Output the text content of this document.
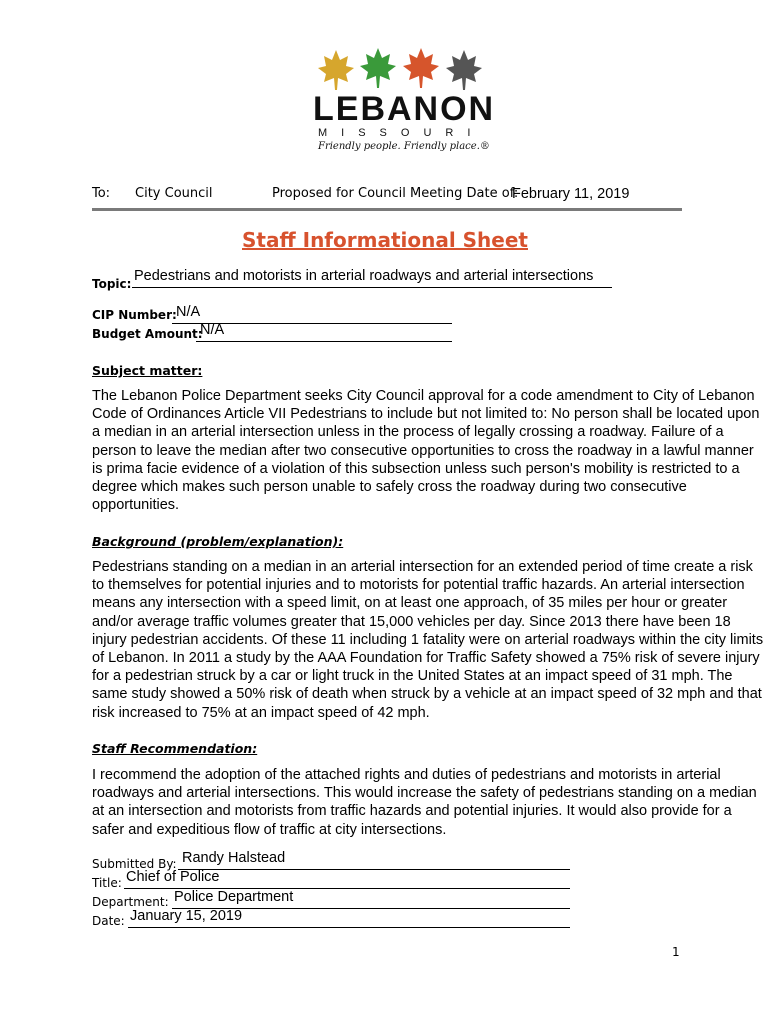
LEBANON
MISSOURI
Friendly people. Friendly place.®
To: City Council	Proposed for Council Meeting Date of:
February 11, 2019
Staff Informational Sheet
Topic: Pedestrians and motorists in arterial roadways and arterial intersections
CIP Number: N/A
Budget Amount:
N/A
Subject matter:
The Lebanon Police Department seeks City Council approval for a code amendment to City of Lebanon Code of Ordinances Article VII Pedestrians to include but not limited to: No person shall be located upon a median in an arterial intersection unless in the process of legally crossing a roadway. Failure of a person to leave the median after two consecutive opportunities to cross the roadway in a lawful manner is prima facie evidence of a violation of this subsection unless such person's mobility is restricted to a degree which makes such person unable to safely cross the roadway during two consecutive opportunities.
Background (problem/explanation):
Pedestrians standing on a median in an arterial intersection for an extended period of time create a risk to themselves for potential injuries and to motorists for potential traffic hazards. An arterial intersection means any intersection with a speed limit, on at least one approach, of 35 miles per hour or greater and/or average traffic volumes greater that 15,000 vehicles per day. Since 2013 there have been 18 injury pedestrian accidents. Of these 11 including 1 fatality were on arterial roadways within the city limits of Lebanon. In 2011 a study by the AAA Foundation for Traffic Safety showed a 75% risk of severe injury for a pedestrian struck by a car or light truck in the United States at an impact speed of 31 mph. The same study showed a 50% risk of death when struck by a vehicle at an impact speed of 32 mph and that risk increased to 75% at an impact speed of 42 mph.
Staff Recommendation:
I recommend the adoption of the attached rights and duties of pedestrians and motorists in arterial roadways and arterial intersections. This would increase the safety of pedestrians standing on a median at an intersection and motorists from traffic hazards and potential injuries. It would also provide for a safer and expeditious flow of traffic at city intersections.
Submitted By: Randy Halstead
Title: Chief of Police
Department: Police Department
Date: January 15, 2019
1
